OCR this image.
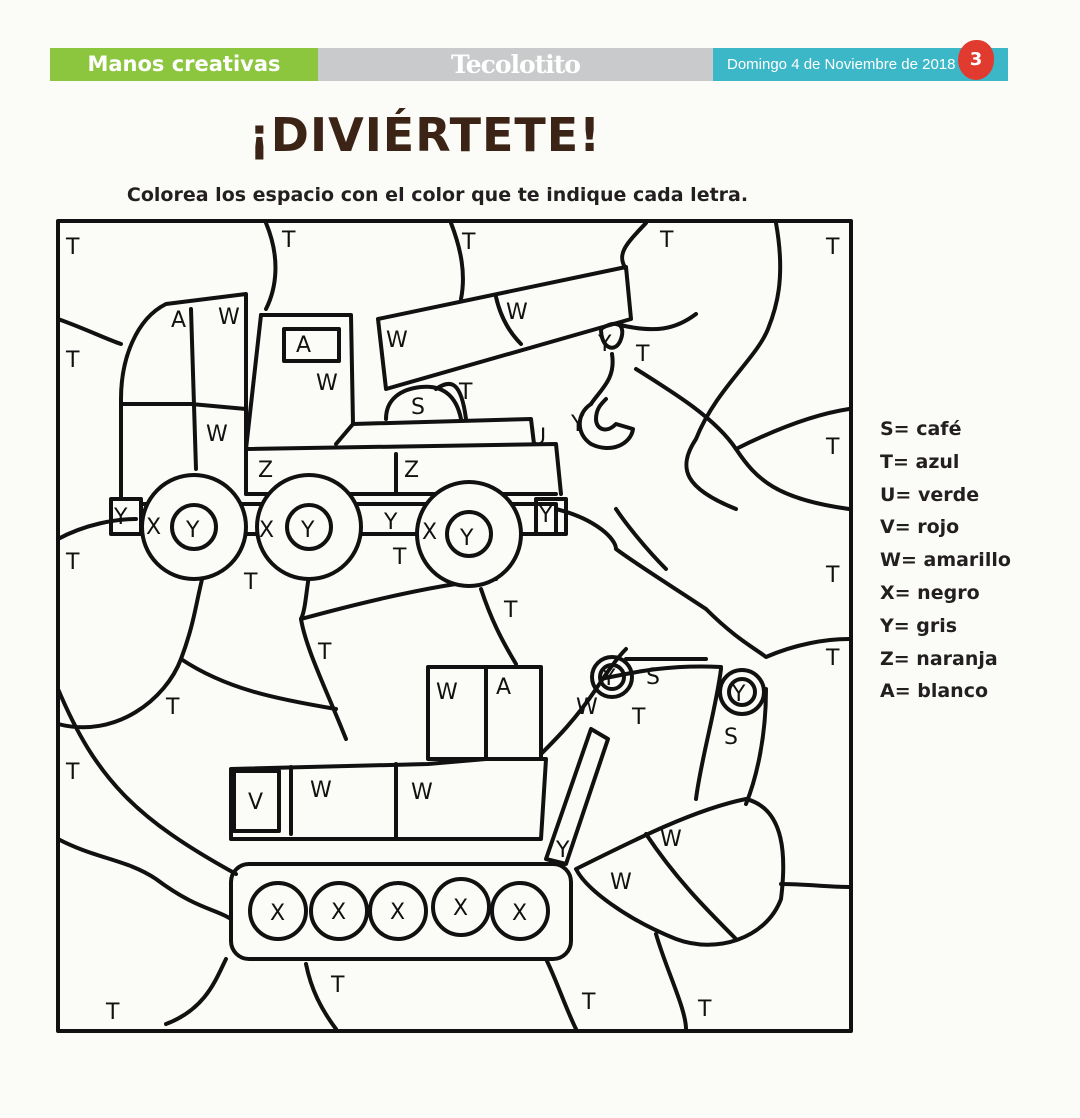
Manos creativas	Tecolotito	Domingo 4 de Noviembre de 2018 3
¡DIVIÉRTETE!
Colorea los espacio con el color que te indique cada letra.
T	T	T	T	T
A W
W
A
W
Y T
T
W
S
T
W
U
Y
T
Z	Z
Y X Y	X Y	Y X Y
Y
T
T
T
T
T
T
T
W A	Y S
Y
W T
S
T
T
V W	W
Y	W
W
X X X X X
T
T	T	T
S= café
T= azul
U= verde
V= rojo
W= amarillo
X= negro
Y= gris
Z= naranja
A= blanco
